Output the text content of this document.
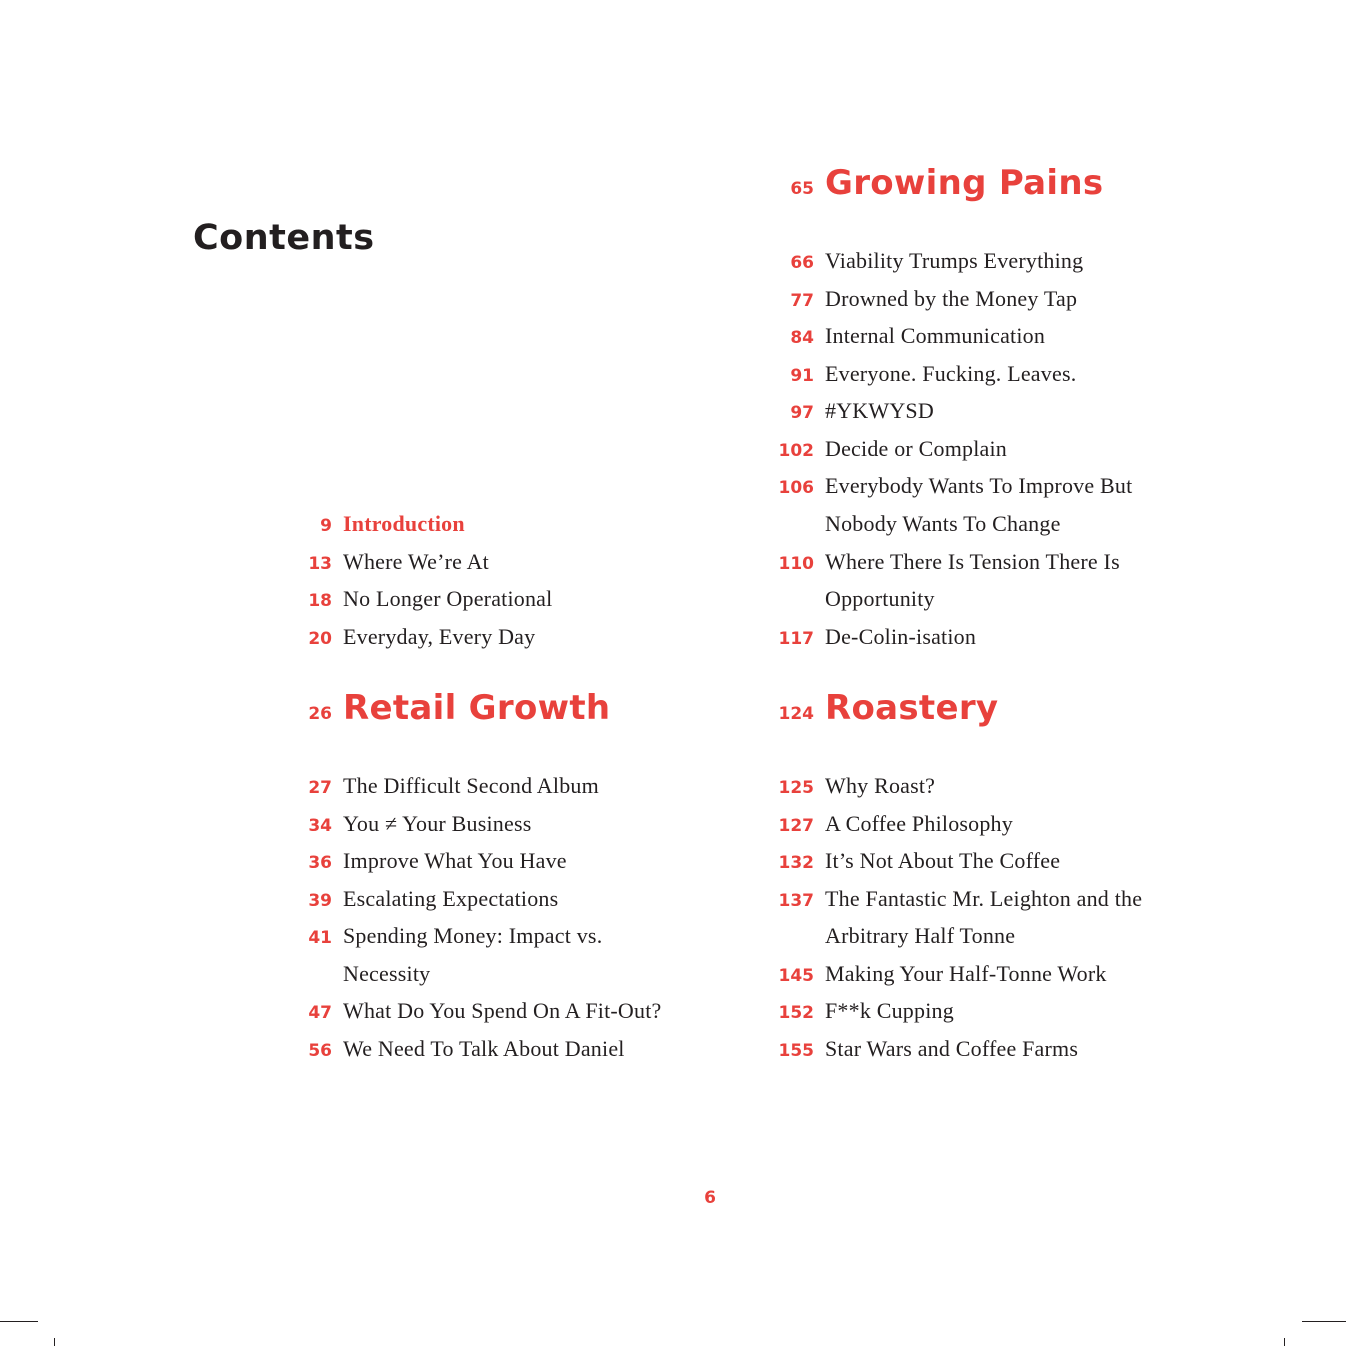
Contents
9 Introduction
13 Where We’re At
18 No Longer Operational
20 Everyday, Every Day
26 Retail Growth
27 The Difficult Second Album
34 You ≠ Your Business
36 Improve What You Have
39 Escalating Expectations
41 Spending Money: Impact vs.
Necessity
47 What Do You Spend On A Fit-Out?
56 We Need To Talk About Daniel
65 Growing Pains
66 Viability Trumps Everything
77 Drowned by the Money Tap
84 Internal Communication
91 Everyone. Fucking. Leaves.
97 #YKWYSD
102 Decide or Complain
106 Everybody Wants To Improve But
Nobody Wants To Change
110 Where There Is Tension There Is
Opportunity
117 De-Colin-isation
124 Roastery
125 Why Roast?
127 A Coffee Philosophy
132 It’s Not About The Coffee
137 The Fantastic Mr. Leighton and the
Arbitrary Half Tonne
145 Making Your Half-Tonne Work
152 F**k Cupping
155 Star Wars and Coffee Farms
6
